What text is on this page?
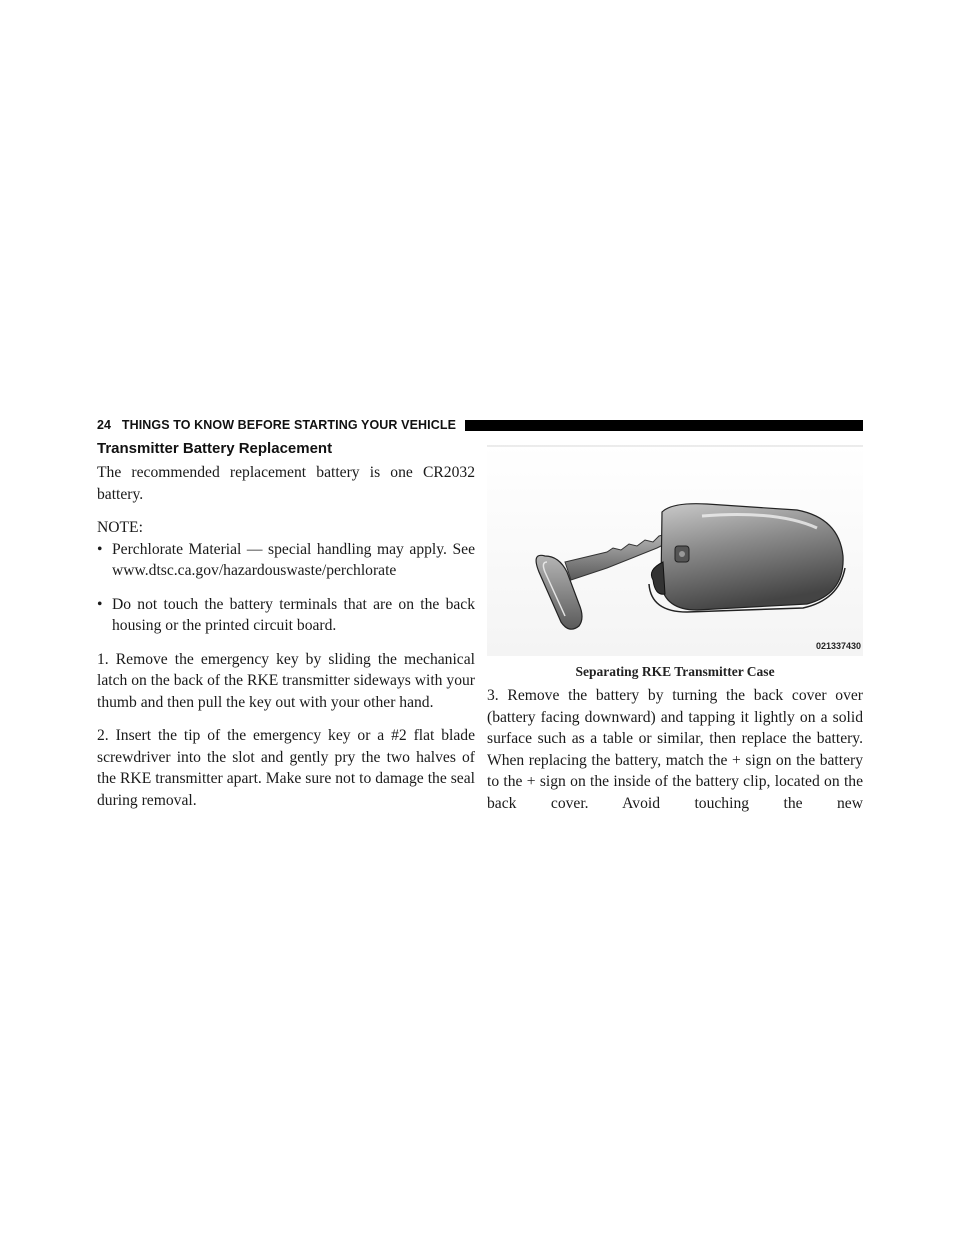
24 THINGS TO KNOW BEFORE STARTING YOUR VEHICLE
Transmitter Battery Replacement

The recommended replacement battery is one CR2032 battery.

NOTE:

• Perchlorate Material — special handling may apply. See www.dtsc.ca.gov/hazardouswaste/perchlorate
• Do not touch the battery terminals that are on the back housing or the printed circuit board.

1. Remove the emergency key by sliding the mechanical latch on the back of the RKE transmitter sideways with your thumb and then pull the key out with your other hand.

2. Insert the tip of the emergency key or a #2 flat blade screwdriver into the slot and gently pry the two halves of the RKE transmitter apart. Make sure not to damage the seal during removal.

021337430
Separating RKE Transmitter Case

3. Remove the battery by turning the back cover over (battery facing downward) and tapping it lightly on a solid surface such as a table or similar, then replace the battery. When replacing the battery, match the + sign on the battery to the + sign on the inside of the battery clip, located on the back cover. Avoid touching the new
